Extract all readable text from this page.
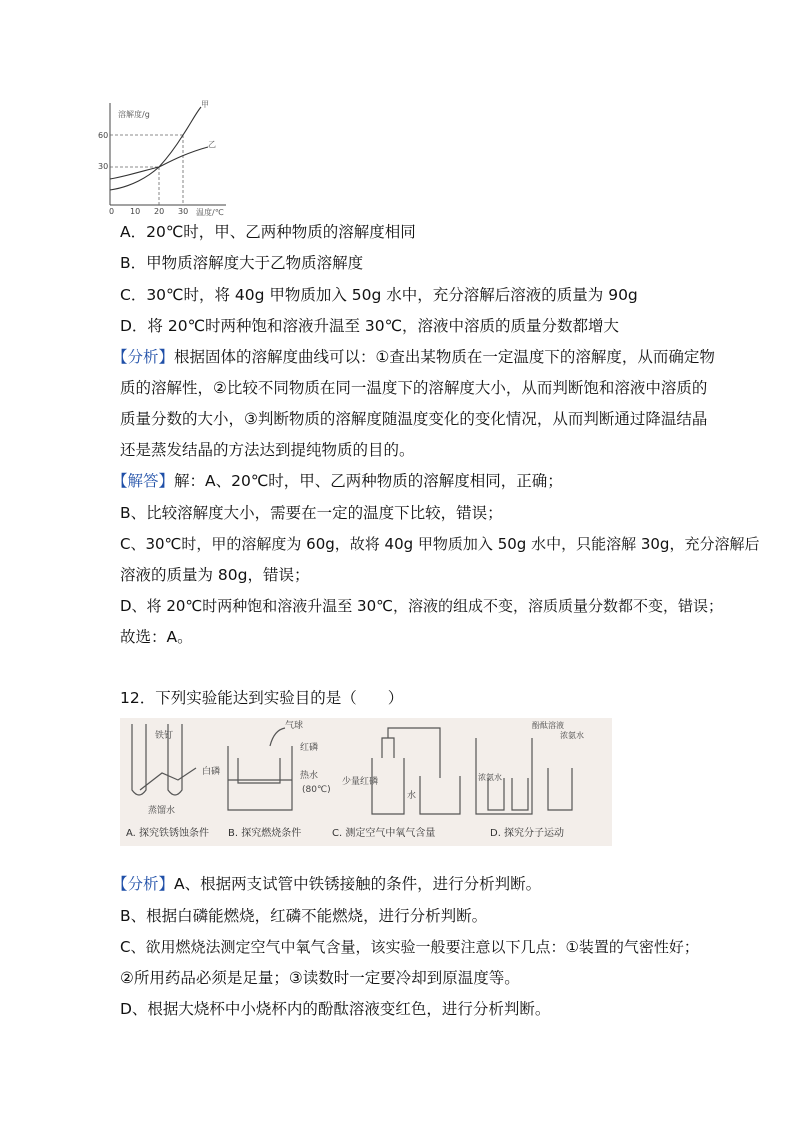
溶解度/g
温度/℃
甲
乙
60
30
0 10 20 30
A．20℃时，甲、乙两种物质的溶解度相同
B．甲物质溶解度大于乙物质溶解度
C．30℃时，将 40g 甲物质加入 50g 水中，充分溶解后溶液的质量为 90g
D．将 20℃时两种饱和溶液升温至 30℃，溶液中溶质的质量分数都增大
【分析】根据固体的溶解度曲线可以：①查出某物质在一定温度下的溶解度，从而确定物
质的溶解性，②比较不同物质在同一温度下的溶解度大小，从而判断饱和溶液中溶质的
质量分数的大小，③判断物质的溶解度随温度变化的变化情况，从而判断通过降温结晶
还是蒸发结晶的方法达到提纯物质的目的。
【解答】解：A、20℃时，甲、乙两种物质的溶解度相同，正确；
B、比较溶解度大小，需要在一定的温度下比较，错误；
C、30℃时，甲的溶解度为 60g，故将 40g 甲物质加入 50g 水中，只能溶解 30g，充分溶解后
溶液的质量为 80g，错误；
D、将 20℃时两种饱和溶液升温至 30℃，溶液的组成不变，溶质质量分数都不变，错误；
故选：A。
12．下列实验能达到实验目的是（　　）
铁钉
蒸馏水
气球
红磷
白磷	热水
(80℃)
少量红磷
水
酚酞溶液
浓氨水
浓氨水
A. 探究铁锈蚀条件 B. 探究燃烧条件	C. 测定空气中氧气含量	D. 探究分子运动
【分析】A、根据两支试管中铁锈接触的条件，进行分析判断。
B、根据白磷能燃烧，红磷不能燃烧，进行分析判断。
C、欲用燃烧法测定空气中氧气含量，该实验一般要注意以下几点：①装置的气密性好；
②所用药品必须是足量；③读数时一定要冷却到原温度等。
D、根据大烧杯中小烧杯内的酚酞溶液变红色，进行分析判断。
